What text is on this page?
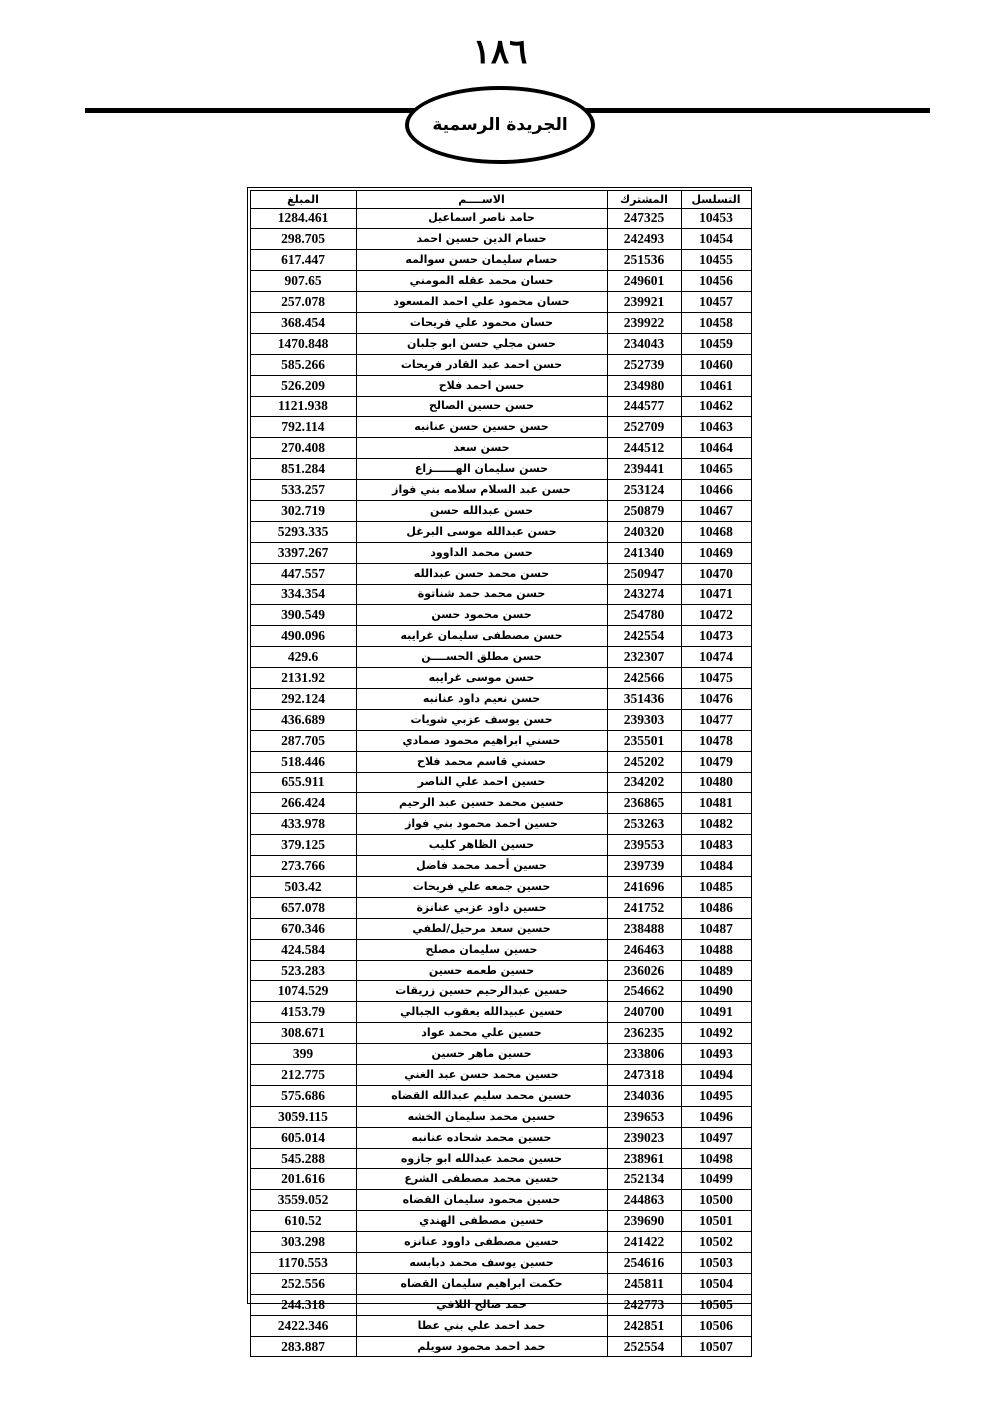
١٨٦
الجريدة الرسمية
التسلسل	المشترك	الاســــم	المبلغ
10453	247325	حامد ناصر اسماعيل	1284.461
10454	242493	حسام الدين حسين احمد	298.705
10455	251536	حسام سليمان حسن سوالمه	617.447
10456	249601	حسان محمد عقله المومني	907.65
10457	239921	حسان محمود علي احمد المسعود	257.078
10458	239922	حسان محمود علي فريحات	368.454
10459	234043	حسن مجلي حسن ابو جلبان	1470.848
10460	252739	حسن احمد عبد القادر فريحات	585.266
10461	234980	حسن احمد فلاح	526.209
10462	244577	حسن حسين الصالح	1121.938
10463	252709	حسن حسين حسن عنانبه	792.114
10464	244512	حسن سعد	270.408
10465	239441	حسن سليمان الهــــــزاع	851.284
10466	253124	حسن عبد السلام سلامه بني فواز	533.257
10467	250879	حسن عبدالله حسن	302.719
10468	240320	حسن عبدالله موسى البرغل	5293.335
10469	241340	حسن محمد الداوود	3397.267
10470	250947	حسن محمد حسن عبدالله	447.557
10471	243274	حسن محمد حمد شناتوة	334.354
10472	254780	حسن محمود حسن	390.549
10473	242554	حسن مصطفى سليمان غرايبه	490.096
10474	232307	حسن مطلق الحســــن	429.6
10475	242566	حسن موسى غرايبه	2131.92
10476	351436	حسن نعيم داود عنانبه	292.124
10477	239303	حسن يوسف عزبي شويات	436.689
10478	235501	حسني ابراهيم محمود صمادي	287.705
10479	245202	حسني قاسم محمد فلاح	518.446
10480	234202	حسين احمد علي الناصر	655.911
10481	236865	حسين محمد حسين عبد الرحيم	266.424
10482	253263	حسين احمد محمود بني فواز	433.978
10483	239553	حسين الظاهر كليب	379.125
10484	239739	حسين أحمد محمد فاضل	273.766
10485	241696	حسين جمعه علي فريحات	503.42
10486	241752	حسين داود عزبي عنانزة	657.078
10487	238488	حسين سعد مرحيل/لطفي	670.346
10488	246463	حسين سليمان مصلح	424.584
10489	236026	حسين طعمه حسين	523.283
10490	254662	حسين عبدالرحيم حسين زريقات	1074.529
10491	240700	حسين عبيدالله يعقوب الجبالي	4153.79
10492	236235	حسين علي محمد عواد	308.671
10493	233806	حسين ماهر حسين	399
10494	247318	حسين محمد حسن عبد الغني	212.775
10495	234036	حسين محمد سليم عبدالله القضاه	575.686
10496	239653	حسين محمد سليمان الخشه	3059.115
10497	239023	حسين محمد شحاده عنانبه	605.014
10498	238961	حسين محمد عبدالله ابو جازوه	545.288
10499	252134	حسين محمد مصطفى الشرع	201.616
10500	244863	حسين محمود سليمان القضاه	3559.052
10501	239690	حسين مصطفى الهندي	610.52
10502	241422	حسين مصطفى داوود عنانزه	303.298
10503	254616	حسين يوسف محمد دبابسه	1170.553
10504	245811	حكمت ابراهيم سليمان القضاه	252.556
10505	242773	حمد صالح اللافي	244.318
10506	242851	حمد احمد علي بني عطا	2422.346
10507	252554	حمد احمد محمود سويلم	283.887
